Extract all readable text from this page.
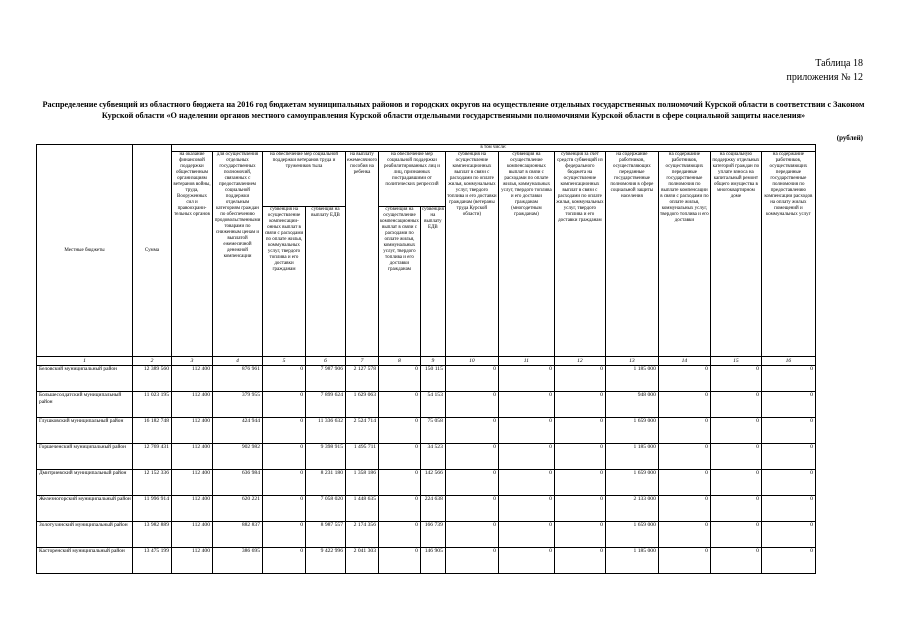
Таблица 18
приложения № 12
Распределение субвенций из областного бюджета на 2016 год бюджетам муниципальных районов и городских округов на осуществление отдельных государственных полномочий Курской области в соответствии с Законом Курской области «О наделении органов местного самоуправления Курской области отдельными государственными полномочиями Курской области в сфере социальной защиты населения»
(рублей)
Местные бюджеты	Сумма	в том числе:													
		на оказание финансовой поддержки общественным организациям ветеранов войны, труда, Вооруженных сил и правоохрани-тельных органов	для осуществления отдельных государственных полномочий, связанных с предоставлением социальной поддержки отдельным категориям граждан по обеспечению продовольственными товарами по сниженным ценам и выплатой ежемесячной денежной компенсации	на обеспечение мер социальной поддержки ветеранов труда и тружеников тыла		на выплату ежемесячного пособия на ребенка	на обеспечение мер социальной поддержки реабилитированных лиц и лиц, признанных пострадавшими от политических репрессий		субвенция на осуществление компенсационных выплат в связи с расходами по оплате жилья, коммунальных услуг, твердого топлива и его доставки гражданам (ветераны труда Курской области)	субвенция на осуществление компенсационных выплат в связи с расходами по оплате жилья, коммунальных услуг, твердого топлива и его доставки гражданам (многодетным гражданам)	субвенция за счет средств субвенций из федерального бюджета на осуществление компенсационных выплат в связи с расходами по оплате жилья, коммунальных услуг, твердого топлива и его доставки гражданам	на содержание работников, осуществляющих переданные государственные полномочия в сфере социальной защиты населения	на содержание работников, осуществляющих переданные государственные полномочия по выплате компенсации в связи с расходами по оплате жилья, коммунальных услуг, твердого топлива и его доставки	на социальную поддержку отдельных категорий граждан по уплате взноса на капитальный ремонт общего имущества в многоквартирном доме	на содержание работников, осуществляющих переданные государственные полномочия по предоставлению компенсации расходов на оплату жилых помещений и коммунальных услуг
				субвенция на осуществление компенсации-онных выплат в связи с расходами по оплате жилья, коммунальных услуг, твердого топлива и его доставки гражданам	субвенция на выплату ЕДВ		субвенция на осуществление компенсационных выплат в связи с расходами по оплате жилья, коммунальных услуг, твердого топлива и его доставки гражданам	субвенция на выплату ЕДВ							
1	2	3	4	5	6	7	8	9	10	11	12	13	14	15	16
Беловский муниципальный район	12 389 560	112 400	876 961	0	7 987 906	2 127 578	0	150 115	0	0	0	1 185 000	0	0	0
Большесолдатский муниципальный район	11 023 195	112 400	379 955	0	7 899 624	1 629 063	0	54 153	0	0	0	948 000	0	0	0
Глушковский муниципальный район	16 182 748	112 400	424 944	0	11 336 632	2 524 714	0	75 058	0	0	0	1 659 000	0	0	0
Горшеченский муниципальный район	12 769 431	112 400	902 982	0	9 398 915	1 495 711	0	34 523	0	0	0	1 185 000	0	0	0
Дмитриевский муниципальный район	12 152 336	112 400	636 984	0	8 231 180	1 358 186	0	142 566	0	0	0	1 659 000	0	0	0
Железногорский муниципальный район	11 996 914	112 400	620 221	0	7 058 020	1 448 635	0	224 638	0	0	0	2 133 000	0	0	0
Золотухинский муниципальный район	13 982 889	112 400	882 837	0	8 987 557	2 174 356	0	166 739	0	0	0	1 659 000	0	0	0
Касторенский муниципальный район	13 475 199	112 400	386 695	0	9 422 996	2 041 303	0	146 905	0	0	0	1 185 000	0	0	0
